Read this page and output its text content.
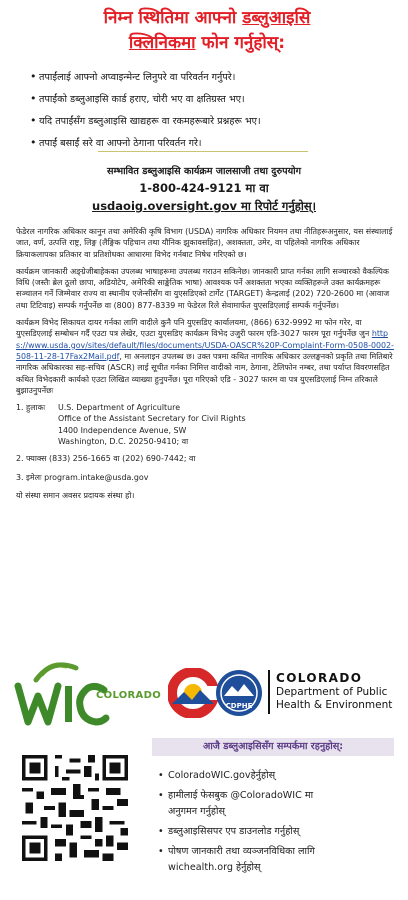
निम्न स्थितिमा आफ्नो डब्लुआइसि
क्लिनिकमा फोन गर्नुहोस्:
• तपाईंलाई आफ्नो अप्वाइन्मेन्ट लिनुपरे वा परिवर्तन गर्नुपरे।
• तपाईंको डब्लुआइसि कार्ड हराए, चोरी भए वा क्षतिग्रस्त भए।
• यदि तपाईंसँग डब्लुआइसि खाद्यहरू वा रकमहरूबारे प्रश्नहरू भए।
• तपाईं बसाईं सरे वा आफ्नो ठेगाना परिवर्तन गरे।
सम्भावित डब्लुआइसि कार्यक्रम जालसाजी तथा दुरुपयोग
1-800-424-9121 मा वा
usdaoig.oversight.gov मा रिपोर्ट गर्नुहोस्।

फेडेरल नागरिक अधिकार कानुन तथा अमेरिकी कृषि विभाग (USDA) नागरिक अधिकार नियमन तथा नीतिहरूअनुसार, यस संस्थालाई जात, वर्ण, उत्पत्ति राष्ट्र, लिङ्ग (लैङ्गिक पहिचान तथा यौनिक झुकावसहित), अशक्तता, उमेर, वा पहिलेको नागरिक अधिकार क्रियाकलापका प्रतिकार वा प्रतिशोधका आधारमा विभेद गर्नबाट निषेध गरिएको छ।

कार्यक्रम जानकारी अङ्ग्रेजीबाहेकका उपलब्ध भाषाहरूमा उपलब्ध गराउन सकिनेछ। जानकारी प्राप्त गर्नका लागि सञ्चारको वैकल्पिक विधि (जस्तैः ब्रेल ठूलो छापा, अडियोटेप, अमेरिकी साङ्केतिक भाषा) आवश्यक पर्ने अशक्तता भएका व्यक्तिहरूले उक्त कार्यक्रमहरू सञ्चालन गर्ने जिम्मेवार राज्य वा स्थानीय एजेन्सीसँग वा युएसडिएको टार्गेट (TARGET) केन्द्रलाई (202) 720-2600 मा (आवाज तथा टिटिवाइ) सम्पर्क गर्नुपर्नेछ वा (800) 877-8339 मा फेडेरल रिले सेवामार्फत युएसडिएलाई सम्पर्क गर्नुपर्नेछ।

कार्यक्रम विभेद सिकायत दायर गर्नका लागि वादीले कुनै पनि युएसडिए कार्यालयमा, (866) 632-9992 मा फोन गरेर, वा युएसडिएलाई सम्बोधन गर्दै एउटा पत्र लेखेर, एउटा युएसडिए कार्यक्रम विभेद उजुरी फारम एडि-3027 फारम पूरा गर्नुपर्नेछ जुन https://www.usda.gov/sites/default/files/documents/USDA-OASCR%20P-Complaint-Form-0508-0002-508-11-28-17Fax2Mail.pdf, मा अनलाइन उपलब्ध छ। उक्त पत्रमा कथित नागरिक अधिकार उल्लङ्घनको प्रकृति तथा मितिबारे नागरिक अधिकारका सह-सचिव (ASCR) लाई सूचीत गर्नका निमित्त वादीको नाम, ठेगाना, टेलिफोन नम्बर, तथा पर्याप्त विवरणसहित कथित विभेदकारी कार्यको एउटा लिखित व्याख्या हुनुपर्नेछ। पूरा गरिएको एडि - 3027 फारम वा पत्र युएसडिएलाई निम्न तरिकाले बुझाउनुपर्नेछः

1. हुलाकः	U.S. Department of Agriculture
Office of the Assistant Secretary for Civil Rights
1400 Independence Avenue, SW
Washington, D.C. 20250-9410; वा
2. फ्याक्स (833) 256-1665 वा (202) 690-7442; वा
3. इमेलः program.intake@usda.gov
यो संस्था समान अवसर प्रदायक संस्था हो।
COLORADO
CDPHE
COLORADO
Department of Public
Health & Environment
आजै डब्लुआइसिसँग सम्पर्कमा रहनुहोस्:
• ColoradoWIC.govहेर्नुहोस्
• हामीलाई फेसबुक @ColoradoWIC मा
अनुगमन गर्नुहोस्
• डब्लुआइसिसपर एप डाउनलोड गर्नुहोस्
• पोषण जानकारी तथा व्यञ्जनविधिका लागि
wichealth.org हेर्नुहोस्
